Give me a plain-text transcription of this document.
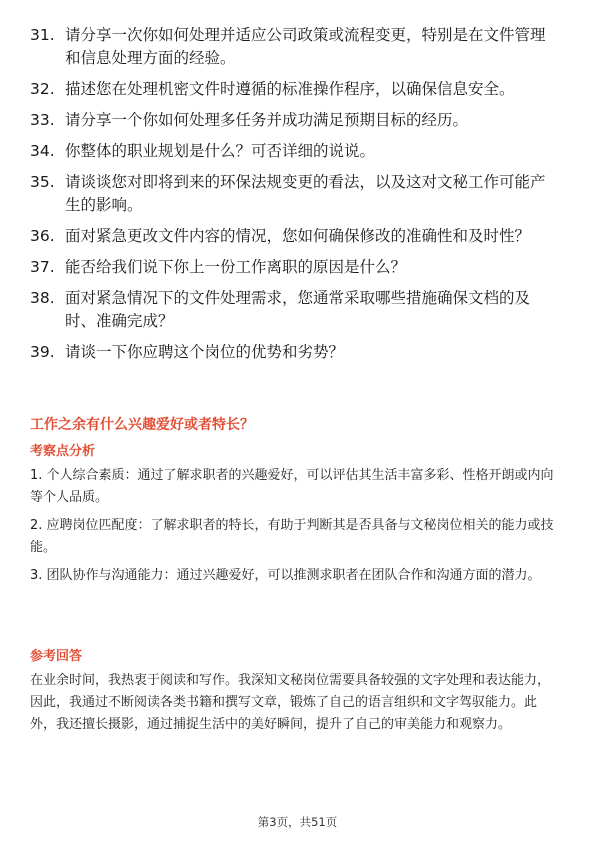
31. 请分享一次你如何处理并适应公司政策或流程变更，特别是在文件管理和信息处理方面的经验。
32. 描述您在处理机密文件时遵循的标准操作程序，以确保信息安全。
33. 请分享一个你如何处理多任务并成功满足预期目标的经历。
34. 你整体的职业规划是什么？可否详细的说说。
35. 请谈谈您对即将到来的环保法规变更的看法，以及这对文秘工作可能产生的影响。
36. 面对紧急更改文件内容的情况，您如何确保修改的准确性和及时性？
37. 能否给我们说下你上一份工作离职的原因是什么？
38. 面对紧急情况下的文件处理需求，您通常采取哪些措施确保文档的及时、准确完成？
39. 请谈一下你应聘这个岗位的优势和劣势？
工作之余有什么兴趣爱好或者特长？
考察点分析

1. 个人综合素质：通过了解求职者的兴趣爱好，可以评估其生活丰富多彩、性格开朗或内向等个人品质。

2. 应聘岗位匹配度：了解求职者的特长，有助于判断其是否具备与文秘岗位相关的能力或技能。

3. 团队协作与沟通能力：通过兴趣爱好，可以推测求职者在团队合作和沟通方面的潜力。

参考回答

在业余时间，我热衷于阅读和写作。我深知文秘岗位需要具备较强的文字处理和表达能力，因此，我通过不断阅读各类书籍和撰写文章，锻炼了自己的语言组织和文字驾驭能力。此外，我还擅长摄影，通过捕捉生活中的美好瞬间，提升了自己的审美能力和观察力。

第3页，共51页
